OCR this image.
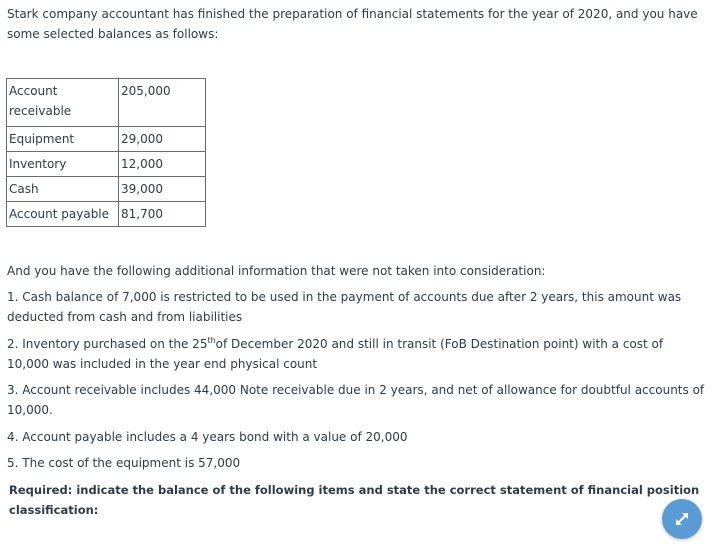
Stark company accountant has finished the preparation of financial statements for the year of 2020, and you have some selected balances as follows:

Account receivable	205,000
Equipment	29,000
Inventory	12,000
Cash	39,000
Account payable	81,700

And you have the following additional information that were not taken into consideration:

1. Cash balance of 7,000 is restricted to be used in the payment of accounts due after 2 years, this amount was deducted from cash and from liabilities

2. Inventory purchased on the 25thof December 2020 and still in transit (FoB Destination point) with a cost of 10,000 was included in the year end physical count

3. Account receivable includes 44,000 Note receivable due in 2 years, and net of allowance for doubtful accounts of 10,000.

4. Account payable includes a 4 years bond with a value of 20,000

5. The cost of the equipment is 57,000

Required: indicate the balance of the following items and state the correct statement of financial position classification:
